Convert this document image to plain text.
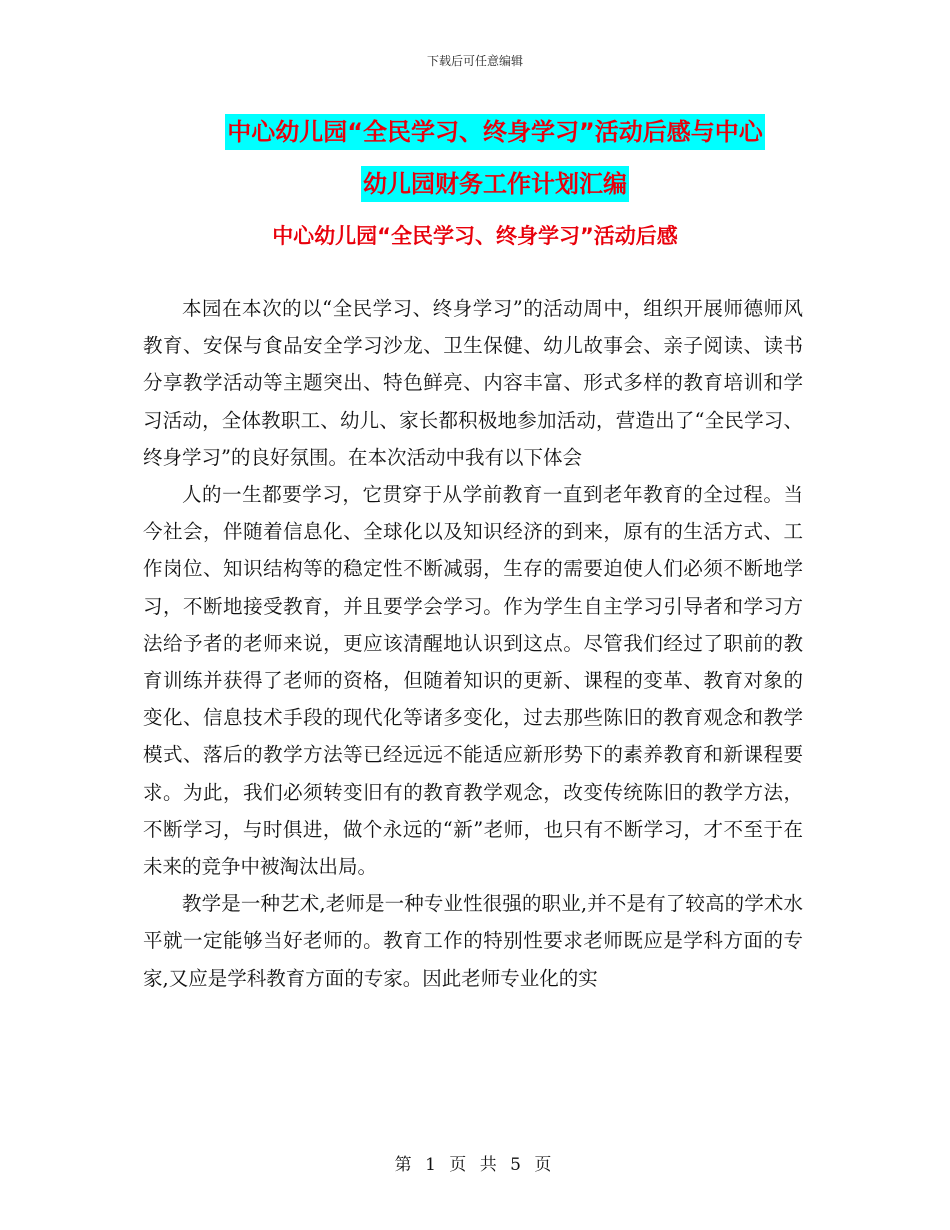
下载后可任意编辑
中心幼儿园“全民学习、终身学习”活动后感与中心
幼儿园财务工作计划汇编
中心幼儿园“全民学习、终身学习”活动后感

本园在本次的以“全民学习、终身学习”的活动周中，组织开展师德师风教育、安保与食品安全学习沙龙、卫生保健、幼儿故事会、亲子阅读、读书分享教学活动等主题突出、特色鲜亮、内容丰富、形式多样的教育培训和学习活动，全体教职工、幼儿、家长都积极地参加活动，营造出了“全民学习、终身学习”的良好氛围。在本次活动中我有以下体会

人的一生都要学习，它贯穿于从学前教育一直到老年教育的全过程。当今社会，伴随着信息化、全球化以及知识经济的到来，原有的生活方式、工作岗位、知识结构等的稳定性不断减弱，生存的需要迫使人们必须不断地学习，不断地接受教育，并且要学会学习。作为学生自主学习引导者和学习方法给予者的老师来说，更应该清醒地认识到这点。尽管我们经过了职前的教育训练并获得了老师的资格，但随着知识的更新、课程的变革、教育对象的变化、信息技术手段的现代化等诸多变化，过去那些陈旧的教育观念和教学模式、落后的教学方法等已经远远不能适应新形势下的素养教育和新课程要求。为此，我们必须转变旧有的教育教学观念，改变传统陈旧的教学方法，不断学习，与时俱进，做个永远的“新”老师，也只有不断学习，才不至于在未来的竞争中被淘汰出局。

教学是一种艺术,老师是一种专业性很强的职业,并不是有了较高的学术水平就一定能够当好老师的。教育工作的特别性要求老师既应是学科方面的专家,又应是学科教育方面的专家。因此老师专业化的实

第 1 页 共 5 页
